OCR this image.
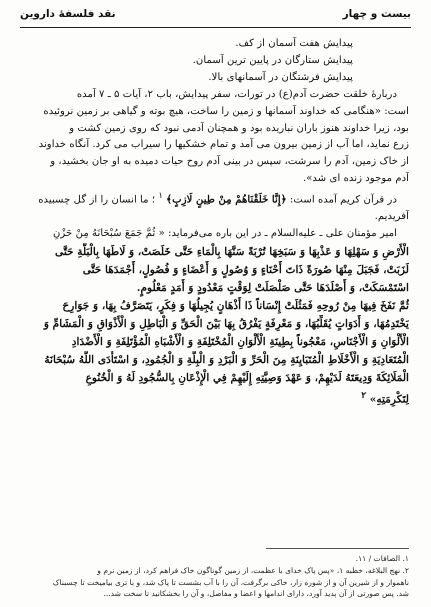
نقد فلسفهٔ داروین	بیست و چهار
پیدایش هفت آسمان از کف.
پیدایش ستارگان در پایین ترین آسمان.
پیدایش فرشتگان در آسمانهای بالا.
دربارهٔ خلقت حضرت آدم(ع) در تورات، سفر پیدایش، باب ۲، آیات ۵ ـ ۷ آمده
است: «هنگامی که خداوند آسمانها و زمین را ساخت، هیچ بوته و گیاهی بر زمین نروئیده
بود، زیرا خداوند هنوز باران نباریده بود و همچنان آدمی نبود که روی زمین کشت و
زرع نماید، اما آب از زمین بیرون می آمد و تمام خشکیها را سیراب می کرد. آنگاه خداوند
از خاک زمین، آدم را سرشت، سپس در بینی آدم روح حیات دمیده به او جان بخشید، و
آدم موجود زنده ای شد».
در قرآن کریم آمده است: ﴿إِنَّا خَلَقْنَاهُمْ مِنْ طِينٍ لَازِبٍ﴾ $^۱$ ؛ ما انسان را از گل چسبیده
آفریدیم.
امیر مؤمنان علی ـ علیه‌السلام ـ در این باره می‌فرماید: « ثُمَّ جَمَعَ سُبْحَانَهُ مِنْ حَزْنِ
الْأَرْضِ وَ سَهْلِهَا وَ عَذْبِهَا وَ سَبَخِهَا تُرْبَةً سَنَّهَا بِالْمَاءِ حَتَّى خَلَصَتْ، وَ لَاطَهَا بِالْبَلَّةِ حَتَّى
لَزَبَتْ، فَجَبَلَ مِنْهَا صُورَةً ذَاتَ أَحْنَاءٍ وَ وُصُولٍ وَ أَعْضَاءٍ وَ فُصُولٍ، أَجْمَدَهَا حَتَّى
اسْتَمْسَكَتْ، وَ أَصْلَدَهَا حَتَّى صَلْصَلَتْ لِوَقْتٍ مَعْدُودٍ وَ أَمَدٍ مَعْلُومٍ.
ثُمَّ نَفَخَ فِيهَا مِنْ رُوحِهِ فَمَثُلَتْ إِنْسَاناً ذَا أَذْهَانٍ يُجِيلُهَا وَ فِكَرٍ، يَتَصَرَّفُ بِهَا، وَ جَوَارِحَ
يَخْتَدِمُهَا، وَ أَدَوَاتٍ يُقَلِّبُهَا، وَ مَعْرِفَةٍ يَفْرُقُ بِهَا بَيْنَ الْحَقِّ وَ الْبَاطِلِ وَ الْأَذْوَاقِ وَ الْمَشَامِّ وَ
الْأَلْوَانِ وَ الْأَجْنَاسِ، مَعْجُوناً بِطِينَةِ الْأَلْوَانِ الْمُخْتَلِفَةِ وَ الْأَشْبَاهِ الْمُؤْتَلِفَةِ وَ الْأَضْدَادِ
الْمُتَعَادِيَةِ وَ الْأَخْلَاطِ الْمُتَبَايِنَةِ مِنَ الْحَرِّ وَ الْبَرْدِ وَ الْبِلَّةِ وَ الْجُمُودِ، وَ اسْتَأْدَى اللَّهُ سُبْحَانَهُ
الْمَلَائِكَةَ وَدِيعَتَهُ لَدَيْهِمْ، وَ عَهْدَ وَصِيَّتِهِ إِلَيْهِمْ فِي الْإِذْعَانِ بِالسُّجُودِ لَهُ وَ الْخُنُوعِ
لِتَكْرِمَتِهِ» $^۲$
۱. الصافات / ۱۱.
۲. نهج البلاغه، خطبه ۱، «پس پاک خدای با عظمت، از زمین گوناگون خاک فراهم کرد، از زمین نرم و
ناهموار و از شیرین آن و از شوره زار، خاکی برگرفت، آن را با آب بشست تا پاک شد، و با تری بیامیخت تا چسبناک
شد. پس صورتی از آن پدید آورد، دارای اندامها و اعضا و مفاصل، و آن را بخشکانید تا سخت شد...
